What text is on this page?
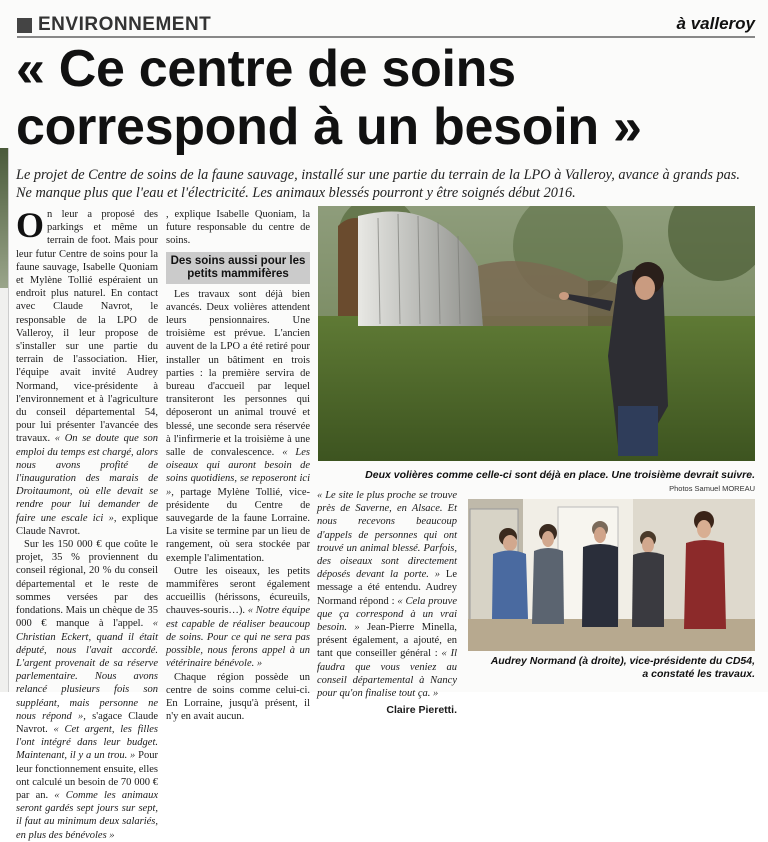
ENVIRONNEMENT	à valleroy
« Ce centre de soins correspond à un besoin »

Le projet de Centre de soins de la faune sauvage, installé sur une partie du terrain de la LPO à Valleroy, avance à grands pas. Ne manque plus que l'eau et l'électricité. Les animaux blessés pourront y être soignés début 2016.

On leur a proposé des parkings et même un terrain de foot. Mais pour leur futur Centre de soins pour la faune sauvage, Isabelle Quoniam et Mylène Tollié espéraient un endroit plus naturel. En contact avec Claude Navrot, le responsable de la LPO de Valleroy, il leur propose de s'installer sur une partie du terrain de l'association. Hier, l'équipe avait invité Audrey Normand, vice-présidente à l'environnement et à l'agriculture du conseil départemental 54, pour lui présenter l'avancée des travaux. « On se doute que son emploi du temps est chargé, alors nous avons profité de l'inauguration des marais de Droitaumont, où elle devait se rendre pour lui demander de faire une escale ici », explique Claude Navrot.

Sur les 150 000 € que coûte le projet, 35 % proviennent du conseil régional, 20 % du conseil départemental et le reste de sommes versées par des fondations. Mais un chèque de 35 000 € manque à l'appel. « Christian Eckert, quand il était député, nous l'avait accordé. L'argent provenait de sa réserve parlementaire. Nous avons relancé plusieurs fois son suppléant, mais personne ne nous répond », s'agace Claude Navrot. « Cet argent, les filles l'ont intégré dans leur budget. Maintenant, il y a un trou. » Pour leur fonctionnement ensuite, elles ont calculé un besoin de 70 000 € par an. « Comme les animaux seront gardés sept jours sur sept, il faut au minimum deux salariés, en plus des bénévoles »

, explique Isabelle Quoniam, la future responsable du centre de soins.

Des soins aussi pour les petits mammifères

Les travaux sont déjà bien avancés. Deux volières attendent leurs pensionnaires. Une troisième est prévue. L'ancien auvent de la LPO a été retiré pour installer un bâtiment en trois parties : la première servira de bureau d'accueil par lequel transiteront les personnes qui déposeront un animal trouvé et blessé, une seconde sera réservée à l'infirmerie et la troisième à une salle de convalescence. « Les oiseaux qui auront besoin de soins quotidiens, se reposeront ici », partage Mylène Tollié, vice-présidente du Centre de sauvegarde de la faune Lorraine. La visite se termine par un lieu de rangement, où sera stockée par exemple l'alimentation.

Outre les oiseaux, les petits mammifères seront également accueillis (hérissons, écureuils, chauves-souris…). « Notre équipe est capable de réaliser beaucoup de soins. Pour ce qui ne sera pas possible, nous ferons appel à un vétérinaire bénévole. »

Chaque région possède un centre de soins comme celui-ci. En Lorraine, jusqu'à présent, il n'y en avait aucun.

« Le site le plus proche se trouve près de Saverne, en Alsace. Et nous recevons beaucoup d'appels de personnes qui ont trouvé un animal blessé. Parfois, des oiseaux sont directement déposés devant la porte. » Le message a été entendu. Audrey Normand répond : « Cela prouve que ça correspond à un vrai besoin. » Jean-Pierre Minella, présent également, a ajouté, en tant que conseiller général : « Il faudra que vous veniez au conseil départemental à Nancy pour qu'on finalise tout ça. »

Claire Pieretti.

Deux volières comme celle-ci sont déjà en place. Une troisième devrait suivre.
Photos Samuel MOREAU
Audrey Normand (à droite), vice-présidente du CD54,
a constaté les travaux.
